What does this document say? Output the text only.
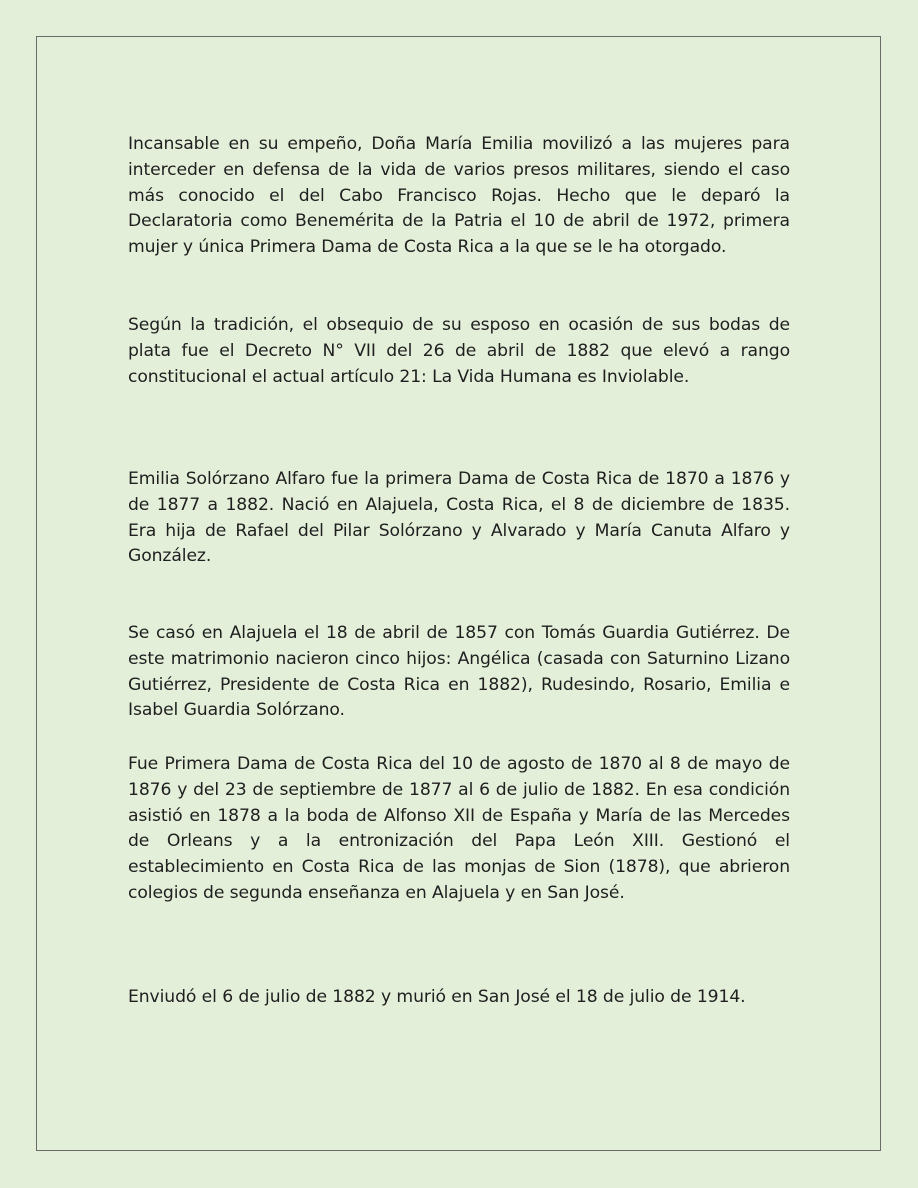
Incansable en su empeño, Doña María Emilia movilizó a las mujeres para interceder en defensa de la vida de varios presos militares, siendo el caso más conocido el del Cabo Francisco Rojas. Hecho que le deparó la Declaratoria como Benemérita de la Patria el 10 de abril de 1972, primera mujer y única Primera Dama de Costa Rica a la que se le ha otorgado.

Según la tradición, el obsequio de su esposo en ocasión de sus bodas de plata fue el Decreto N° VII del 26 de abril de 1882 que elevó a rango constitucional el actual artículo 21: La Vida Humana es Inviolable.

Emilia Solórzano Alfaro fue la primera Dama de Costa Rica de 1870 a 1876 y de 1877 a 1882. Nació en Alajuela, Costa Rica, el 8 de diciembre de 1835. Era hija de Rafael del Pilar Solórzano y Alvarado y María Canuta Alfaro y González.

Se casó en Alajuela el 18 de abril de 1857 con Tomás Guardia Gutiérrez. De este matrimonio nacieron cinco hijos: Angélica (casada con Saturnino Lizano Gutiérrez, Presidente de Costa Rica en 1882), Rudesindo, Rosario, Emilia e Isabel Guardia Solórzano.

Fue Primera Dama de Costa Rica del 10 de agosto de 1870 al 8 de mayo de 1876 y del 23 de septiembre de 1877 al 6 de julio de 1882. En esa condición asistió en 1878 a la boda de Alfonso XII de España y María de las Mercedes de Orleans y a la entronización del Papa León XIII. Gestionó el establecimiento en Costa Rica de las monjas de Sion (1878), que abrieron colegios de segunda enseñanza en Alajuela y en San José.

Enviudó el 6 de julio de 1882 y murió en San José el 18 de julio de 1914.
